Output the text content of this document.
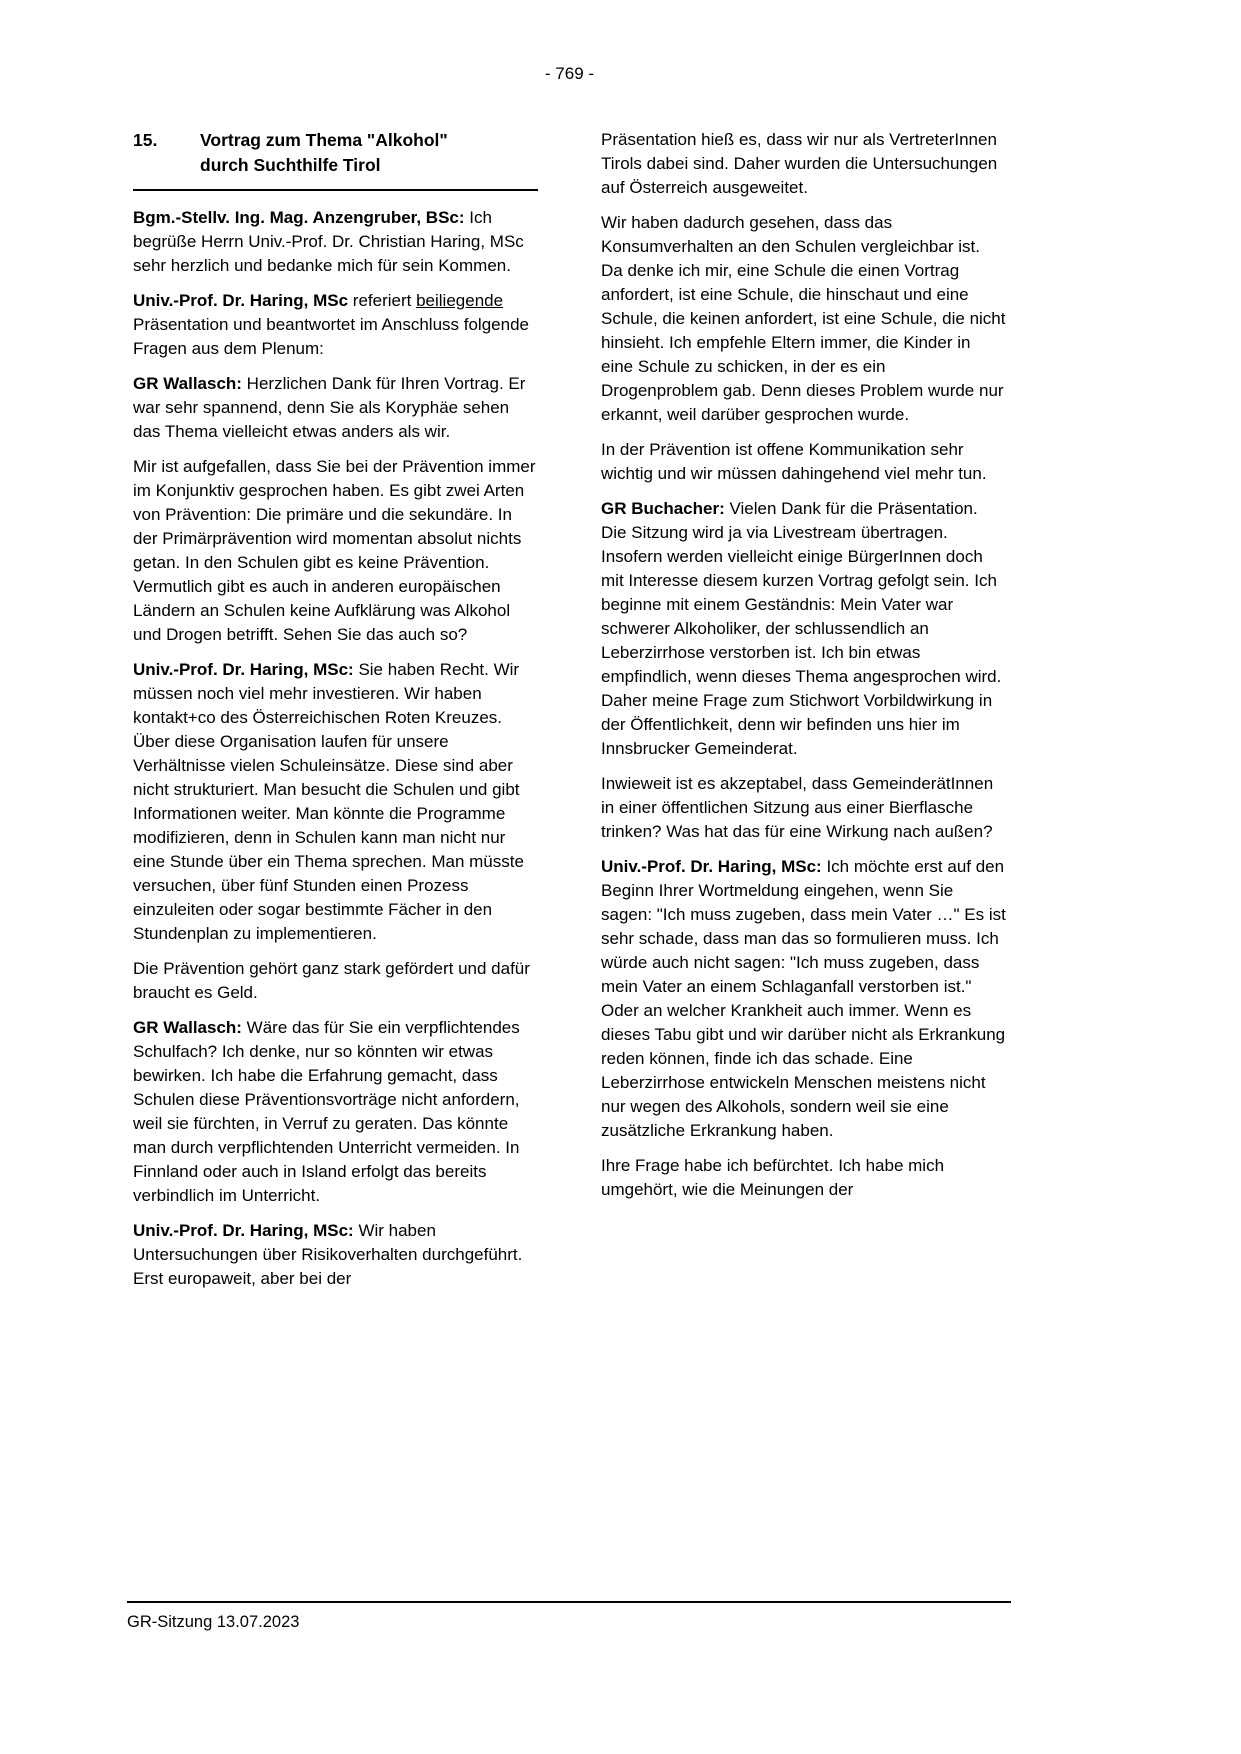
- 769 -
15.	Vortrag zum Thema "Alkohol"
durch Suchthilfe Tirol

Bgm.-Stellv. Ing. Mag. Anzengruber, BSc: Ich begrüße Herrn Univ.-Prof. Dr. Christian Haring, MSc sehr herzlich und bedanke mich für sein Kommen.

Univ.-Prof. Dr. Haring, MSc referiert beiliegende Präsentation und beantwortet im Anschluss folgende Fragen aus dem Plenum:

GR Wallasch: Herzlichen Dank für Ihren Vortrag. Er war sehr spannend, denn Sie als Koryphäe sehen das Thema vielleicht etwas anders als wir.

Mir ist aufgefallen, dass Sie bei der Prävention immer im Konjunktiv gesprochen haben. Es gibt zwei Arten von Prävention: Die primäre und die sekundäre. In der Primärprävention wird momentan absolut nichts getan. In den Schulen gibt es keine Prävention. Vermutlich gibt es auch in anderen europäischen Ländern an Schulen keine Aufklärung was Alkohol und Drogen betrifft. Sehen Sie das auch so?

Univ.-Prof. Dr. Haring, MSc: Sie haben Recht. Wir müssen noch viel mehr investieren. Wir haben kontakt+co des Österreichischen Roten Kreuzes. Über diese Organisation laufen für unsere Verhältnisse vielen Schuleinsätze. Diese sind aber nicht strukturiert. Man besucht die Schulen und gibt Informationen weiter. Man könnte die Programme modifizieren, denn in Schulen kann man nicht nur eine Stunde über ein Thema sprechen. Man müsste versuchen, über fünf Stunden einen Prozess einzuleiten oder sogar bestimmte Fächer in den Stundenplan zu implementieren.

Die Prävention gehört ganz stark gefördert und dafür braucht es Geld.

GR Wallasch: Wäre das für Sie ein verpflichtendes Schulfach? Ich denke, nur so könnten wir etwas bewirken. Ich habe die Erfahrung gemacht, dass Schulen diese Präventionsvorträge nicht anfordern, weil sie fürchten, in Verruf zu geraten. Das könnte man durch verpflichtenden Unterricht vermeiden. In Finnland oder auch in Island erfolgt das bereits verbindlich im Unterricht.

Univ.-Prof. Dr. Haring, MSc: Wir haben Untersuchungen über Risikoverhalten durchgeführt. Erst europaweit, aber bei der

Präsentation hieß es, dass wir nur als VertreterInnen Tirols dabei sind. Daher wurden die Untersuchungen auf Österreich ausgeweitet.

Wir haben dadurch gesehen, dass das Konsumverhalten an den Schulen vergleichbar ist. Da denke ich mir, eine Schule die einen Vortrag anfordert, ist eine Schule, die hinschaut und eine Schule, die keinen anfordert, ist eine Schule, die nicht hinsieht. Ich empfehle Eltern immer, die Kinder in eine Schule zu schicken, in der es ein Drogenproblem gab. Denn dieses Problem wurde nur erkannt, weil darüber gesprochen wurde.

In der Prävention ist offene Kommunikation sehr wichtig und wir müssen dahingehend viel mehr tun.

GR Buchacher: Vielen Dank für die Präsentation. Die Sitzung wird ja via Livestream übertragen. Insofern werden vielleicht einige BürgerInnen doch mit Interesse diesem kurzen Vortrag gefolgt sein. Ich beginne mit einem Geständnis: Mein Vater war schwerer Alkoholiker, der schlussendlich an Leberzirrhose verstorben ist. Ich bin etwas empfindlich, wenn dieses Thema angesprochen wird. Daher meine Frage zum Stichwort Vorbildwirkung in der Öffentlichkeit, denn wir befinden uns hier im Innsbrucker Gemeinderat.

Inwieweit ist es akzeptabel, dass GemeinderätInnen in einer öffentlichen Sitzung aus einer Bierflasche trinken? Was hat das für eine Wirkung nach außen?

Univ.-Prof. Dr. Haring, MSc: Ich möchte erst auf den Beginn Ihrer Wortmeldung eingehen, wenn Sie sagen: "Ich muss zugeben, dass mein Vater …" Es ist sehr schade, dass man das so formulieren muss. Ich würde auch nicht sagen: "Ich muss zugeben, dass mein Vater an einem Schlaganfall verstorben ist." Oder an welcher Krankheit auch immer. Wenn es dieses Tabu gibt und wir darüber nicht als Erkrankung reden können, finde ich das schade. Eine Leberzirrhose entwickeln Menschen meistens nicht nur wegen des Alkohols, sondern weil sie eine zusätzliche Erkrankung haben.

Ihre Frage habe ich befürchtet. Ich habe mich umgehört, wie die Meinungen der

GR-Sitzung 13.07.2023
